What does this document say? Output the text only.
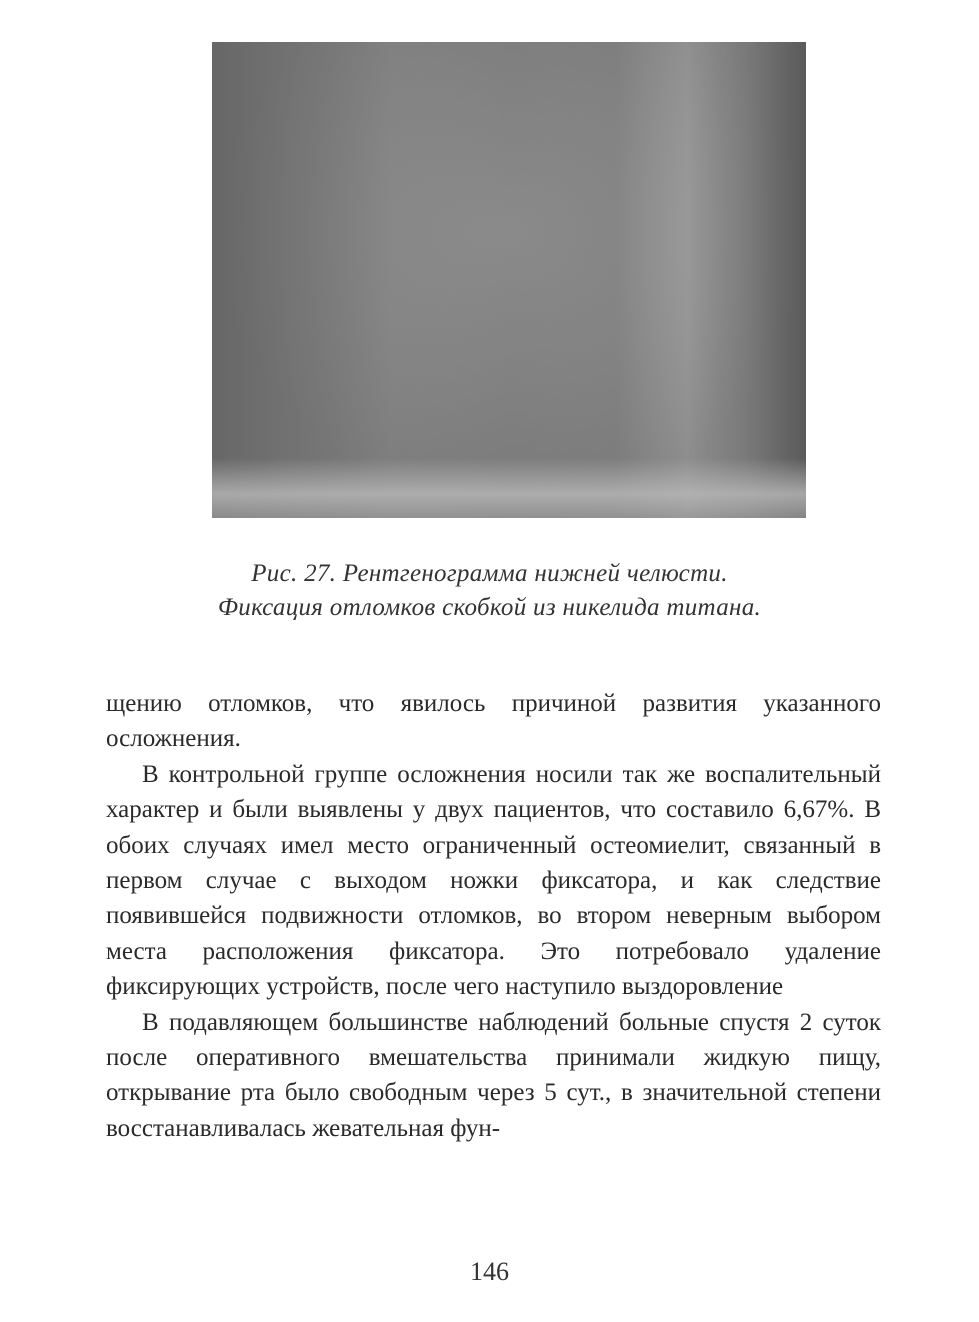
Рис. 27. Рентгенограмма нижней челюсти.
Фиксация отломков скобкой из никелида титана.

щению отломков, что явилось причиной развития указанного осложнения.

В контрольной группе осложнения носили так же воспалительный характер и были выявлены у двух пациентов, что составило 6,67%. В обоих случаях имел место ограниченный остеомиелит, связанный в первом случае с выходом ножки фиксатора, и как следствие появившейся подвижности отломков, во втором неверным выбором места расположения фиксатора. Это потребовало удаление фиксирующих устройств, после чего наступило выздоровление

В подавляющем большинстве наблюдений больные спустя 2 суток после оперативного вмешательства принимали жидкую пищу, открывание рта было свободным через 5 сут., в значительной степени восстанавливалась жевательная фун-

146
